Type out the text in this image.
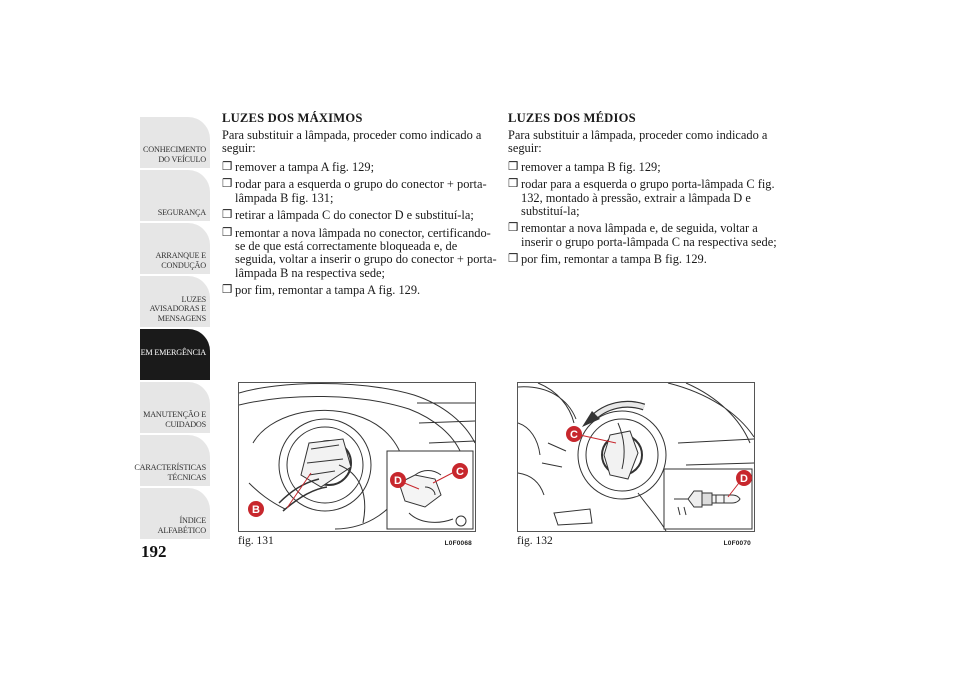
CONHECIMENTO
DO VEÍCULO
SEGURANÇA
ARRANQUE E
CONDUÇÃO
LUZES
AVISADORAS E
MENSAGENS
EM EMERGÊNCIA
MANUTENÇÃO E
CUIDADOS
CARACTERÍSTICAS
TÉCNICAS
ÍNDICE
ALFABÉTICO
192
LUZES DOS MÁXIMOS

Para substituir a lâmpada, proceder como indicado a seguir:

❒ remover a tampa A fig. 129;
❒ rodar para a esquerda o grupo do conector + porta-lâmpada B fig. 131;
❒ retirar a lâmpada C do conector D e substituí-la;
❒ remontar a nova lâmpada no conector, certificando-se de que está correctamente bloqueada e, de seguida, voltar a inserir o grupo do conector + porta-lâmpada B na respectiva sede;
❒ por fim, remontar a tampa A fig. 129.
LUZES DOS MÉDIOS

Para substituir a lâmpada, proceder como indicado a seguir:

❒ remover a tampa B fig. 129;
❒ rodar para a esquerda o grupo porta-lâmpada C fig. 132, montado à pressão, extrair a lâmpada D e substituí-la;
❒ remontar a nova lâmpada e, de seguida, voltar a inserir o grupo porta-lâmpada C na respectiva sede;
❒ por fim, remontar a tampa B fig. 129.
B
D
C
fig. 131	L0F0068
C
D
fig. 132	L0F0070
